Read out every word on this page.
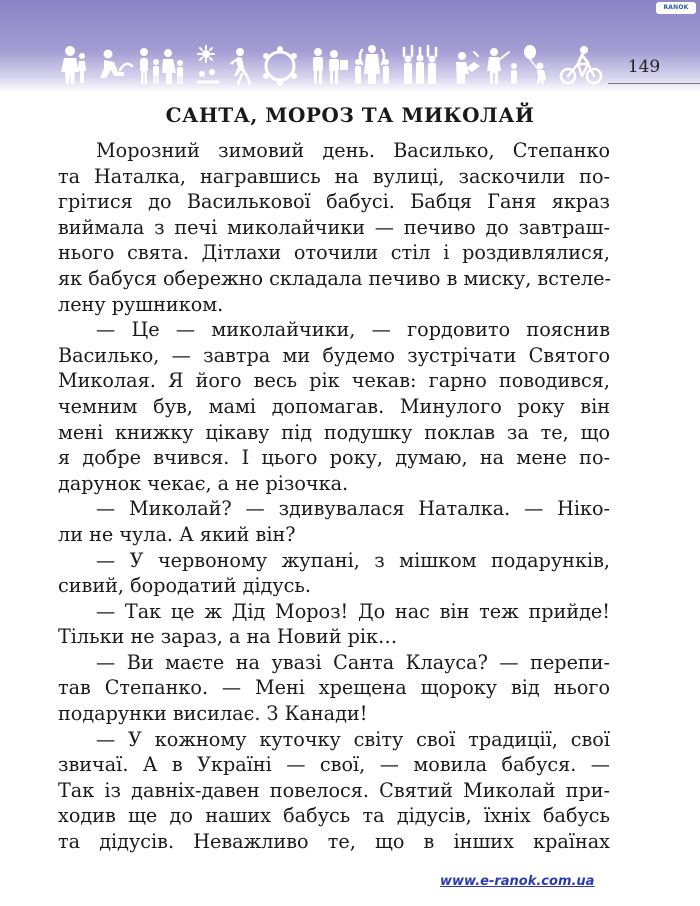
RANOK
149
САНТА, МОРОЗ ТА МИКОЛАЙ
Морозний зимовий день. Василько, Степанко
та Наталка, награвшись на вулиці, заскочили по-
грітися до Василькової бабусі. Бабця Ганя якраз
виймала з печі миколайчики — печиво до завтраш-
нього свята. Дітлахи оточили стіл і роздивлялися,
як бабуся обережно складала печиво в миску, встеле-
лену рушником.
— Це — миколайчики, — гордовито пояснив
Василько, — завтра ми будемо зустрічати Святого
Миколая. Я його весь рік чекав: гарно поводився,
чемним був, мамі допомагав. Минулого року він
мені книжку цікаву під подушку поклав за те, що
я добре вчився. І цього року, думаю, на мене по-
дарунок чекає, а не різочка.
— Миколай? — здивувалася Наталка. — Ніко-
ли не чула. А який він?
— У червоному жупані, з мішком подарунків,
сивий, бородатий дідусь.
— Так це ж Дід Мороз! До нас він теж прийде!
Тільки не зараз, а на Новий рік…
— Ви маєте на увазі Санта Клауса? — перепи-
тав Степанко. — Мені хрещена щороку від нього
подарунки висилає. З Канади!
— У кожному куточку світу свої традиції, свої
звичаї. А в Україні — свої, — мовила бабуся. —
Так із давніх-давен повелося. Святий Миколай при-
ходив ще до наших бабусь та дідусів, їхніх бабусь
та дідусів. Неважливо те, що в інших країнах
www.e-ranok.com.ua
